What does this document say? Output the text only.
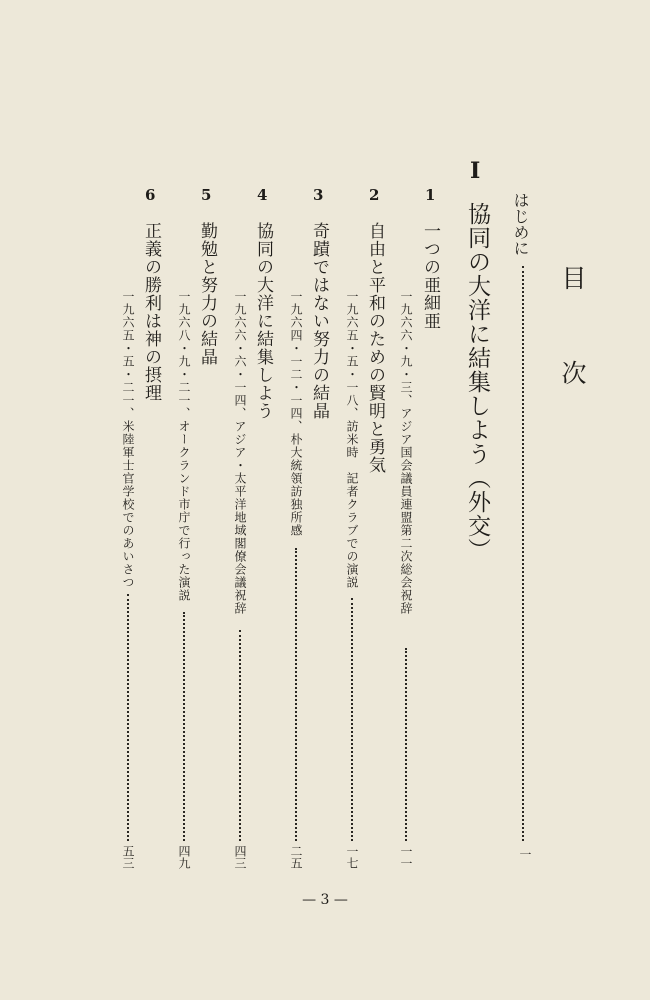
目次
はじめに
一
I
協同の大洋に結集しよう（外交）
1
一つの亜細亜
一九六六・九・三、アジア国会議員連盟第二次総会祝辞
一一
2
自由と平和のための賢明と勇気
一九六五・五・一八、訪米時　記者クラブでの演説
一七
3
奇蹟ではない努力の結晶
一九六四・一二・一四、朴大統領訪独所感
二五
4
協同の大洋に結集しよう
一九六六・六・一四、アジア・太平洋地域閣僚会議祝辞
四三
5
勤勉と努力の結晶
一九六八・九・二一、オークランド市庁で行った演説
四九
6
正義の勝利は神の摂理
一九六五・五・二一、米陸軍士官学校でのあいさつ
五三
— 3 —
